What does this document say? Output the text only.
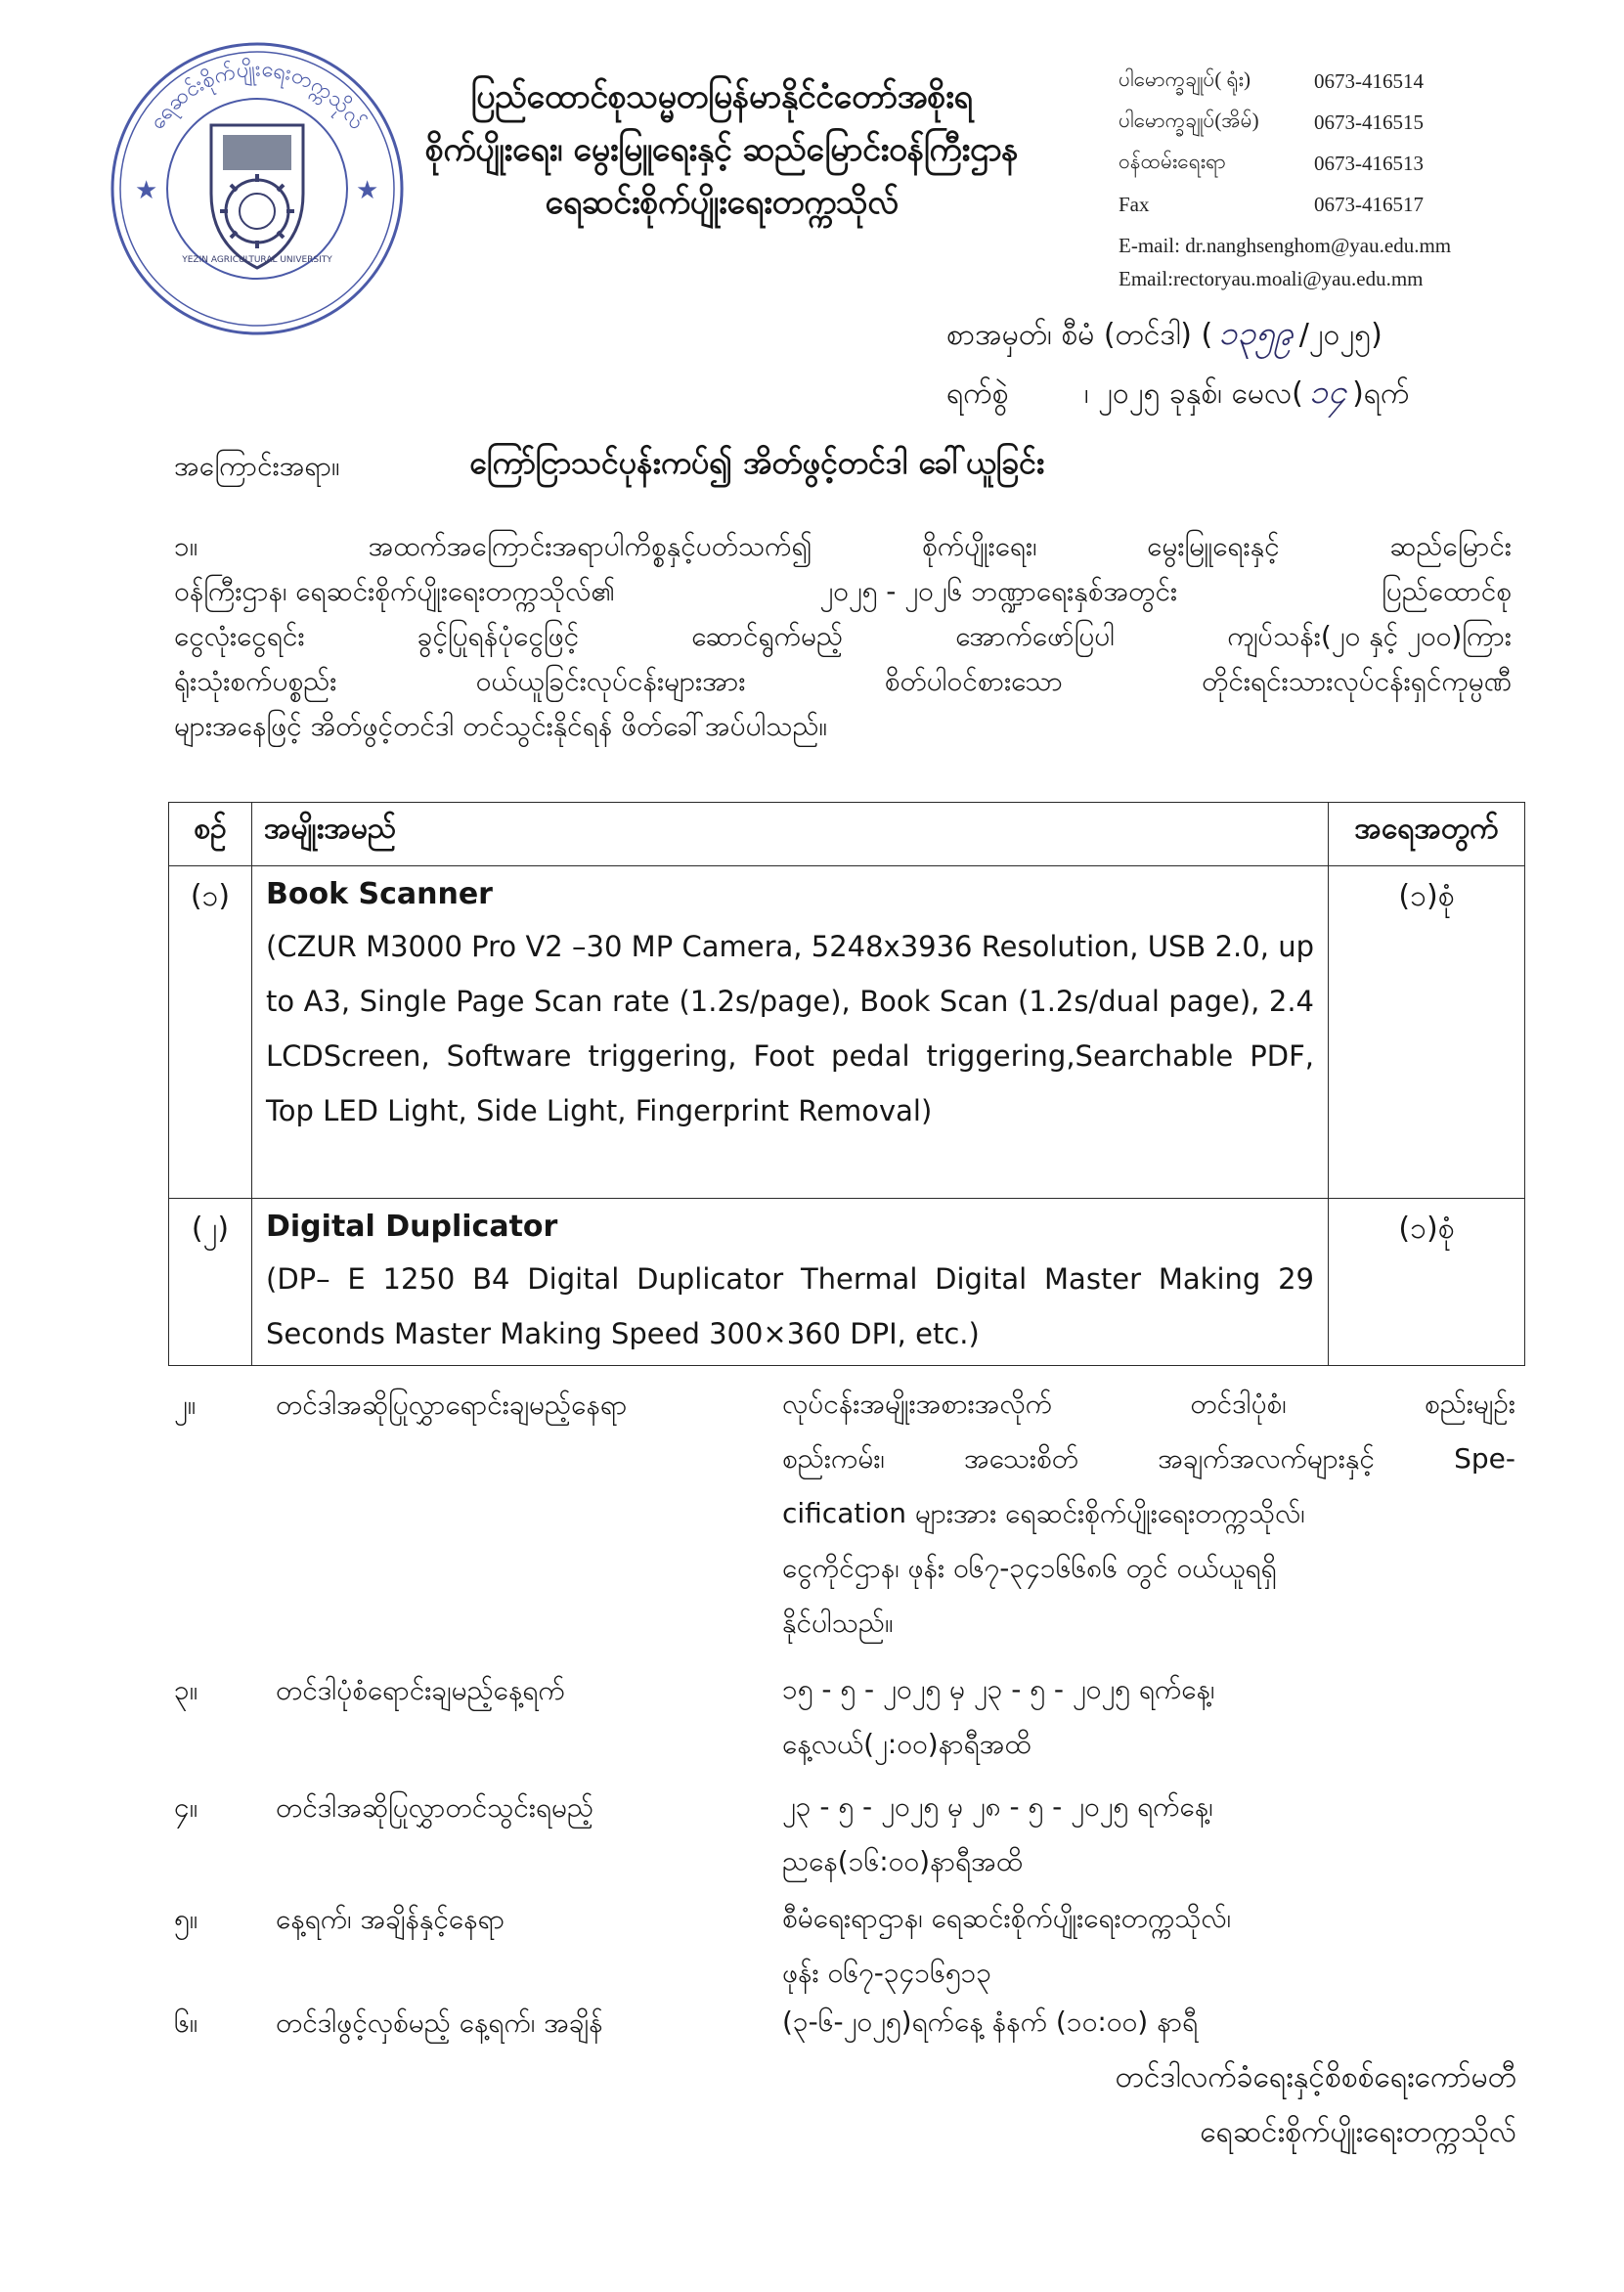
ရေဆင်းစိုက်ပျိုးရေးတက္ကသိုလ်
★	★
YEZIN AGRICULTURAL UNIVERSITY
ပြည်ထောင်စုသမ္မတမြန်မာနိုင်ငံတော်အစိုးရ
စိုက်ပျိုးရေး၊ မွေးမြူရေးနှင့် ဆည်မြောင်းဝန်ကြီးဌာန
ရေဆင်းစိုက်ပျိုးရေးတက္ကသိုလ်
ပါမောက္ခချုပ်( ရုံး)	0673-416514
ပါမောက္ခချုပ်(အိမ်)	0673-416515
ဝန်ထမ်းရေးရာ	0673-416513
Fax	0673-416517
E-mail: dr.nanghsenghom@yau.edu.mm
Email:rectoryau.moali@yau.edu.mm
စာအမှတ်၊ စီမံ (တင်ဒါ) ( ၁၃၅၉ /၂၀၂၅)
ရက်စွဲ	၊ ၂၀၂၅ ခုနှစ်၊ မေလ( ၁၄ )ရက်
အကြောင်းအရာ။	ကြော်ငြာသင်ပုန်းကပ်၍ အိတ်ဖွင့်တင်ဒါ ခေါ်ယူခြင်း
၁။	အထက်အကြောင်းအရာပါကိစ္စနှင့်ပတ်သက်၍	စိုက်ပျိုးရေး၊	မွေးမြူရေးနှင့်	ဆည်မြောင်း
ဝန်ကြီးဌာန၊ ရေဆင်းစိုက်ပျိုးရေးတက္ကသိုလ်၏	၂၀၂၅ - ၂၀၂၆ ဘဏ္ဍာရေးနှစ်အတွင်း	ပြည်ထောင်စု
ငွေလုံးငွေရင်း	ခွင့်ပြုရန်ပုံငွေဖြင့်	ဆောင်ရွက်မည့်	အောက်ဖော်ပြပါ	ကျပ်သန်း(၂၀ နှင့် ၂၀၀)ကြား
ရုံးသုံးစက်ပစ္စည်း	ဝယ်ယူခြင်းလုပ်ငန်းများအား	စိတ်ပါဝင်စားသော	တိုင်းရင်းသားလုပ်ငန်းရှင်ကုမ္ပဏီ
များအနေဖြင့် အိတ်ဖွင့်တင်ဒါ တင်သွင်းနိုင်ရန် ဖိတ်ခေါ်အပ်ပါသည်။
စဉ်	အမျိုးအမည်	အရေအတွက်
(၁)	Book Scanner
(CZUR M3000 Pro V2 –30 MP Camera, 5248x3936 Resolution, USB 2.0, up to A3, Single Page Scan rate (1.2s/page), Book Scan (1.2s/dual page), 2.4 LCDScreen, Software triggering, Foot pedal triggering,Searchable PDF, Top LED Light, Side Light, Fingerprint Removal)	(၁)စုံ
(၂)	Digital Duplicator
(DP– E 1250 B4 Digital Duplicator Thermal Digital Master Making 29 Seconds Master Making Speed 300×360 DPI, etc.)	(၁)စုံ
၂။	တင်ဒါအဆိုပြုလွှာရောင်းချမည့်နေရာ	လုပ်ငန်းအမျိုးအစားအလိုက်	တင်ဒါပုံစံ၊	စည်းမျဉ်း
စည်းကမ်း၊	အသေးစိတ်	အချက်အလက်များနှင့်	Spe-
cification များအား ရေဆင်းစိုက်ပျိုးရေးတက္ကသိုလ်၊
ငွေကိုင်ဌာန၊ ဖုန်း ၀၆၇-၃၄၁၆၆၈၆ တွင် ဝယ်ယူရရှိ
နိုင်ပါသည်။
၃။	တင်ဒါပုံစံရောင်းချမည့်နေ့ရက်	၁၅ - ၅ - ၂၀၂၅ မှ ၂၃ - ၅ - ၂၀၂၅ ရက်နေ့၊
နေ့လယ်(၂:၀၀)နာရီအထိ
၄။	တင်ဒါအဆိုပြုလွှာတင်သွင်းရမည့်	၂၃ - ၅ - ၂၀၂၅ မှ ၂၈ - ၅ - ၂၀၂၅ ရက်နေ့၊
ညနေ(၁၆:၀၀)နာရီအထိ
၅။	နေ့ရက်၊ အချိန်နှင့်နေရာ	စီမံရေးရာဌာန၊ ရေဆင်းစိုက်ပျိုးရေးတက္ကသိုလ်၊
ဖုန်း ၀၆၇-၃၄၁၆၅၁၃
၆။	တင်ဒါဖွင့်လှစ်မည့် နေ့ရက်၊ အချိန်	(၃-၆-၂၀၂၅)ရက်နေ့ နံနက် (၁၀:၀၀) နာရီ
တင်ဒါလက်ခံရေးနှင့်စိစစ်ရေးကော်မတီ
ရေဆင်းစိုက်ပျိုးရေးတက္ကသိုလ်
